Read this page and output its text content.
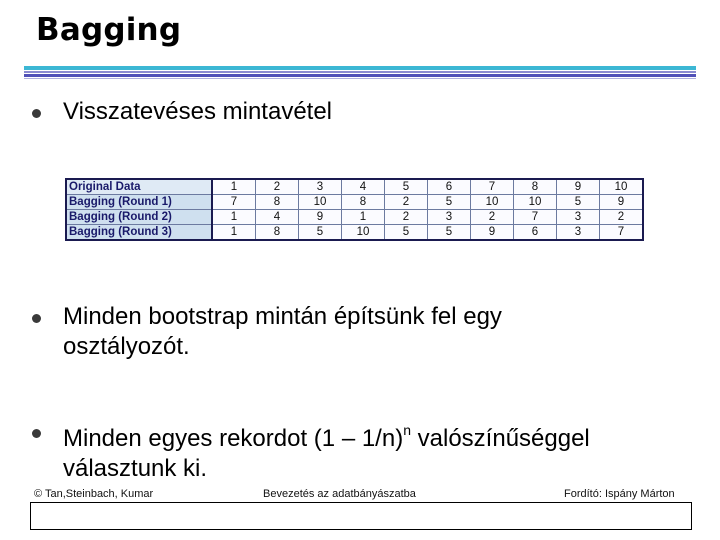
Bagging
Visszatevéses mintavétel
Original Data	1	2	3	4	5	6	7	8	9	10
Bagging (Round 1)	7	8	10	8	2	5	10	10	5	9
Bagging (Round 2)	1	4	9	1	2	3	2	7	3	2
Bagging (Round 3)	1	8	5	10	5	5	9	6	3	7
Minden bootstrap mintán építsünk fel egy
osztályozót.
Minden egyes rekordot (1 – 1/n)$^n$ valószínűséggel
választunk ki.
© Tan,Steinbach, Kumar	Bevezetés az adatbányászatba	Fordító: Ispány Márton
